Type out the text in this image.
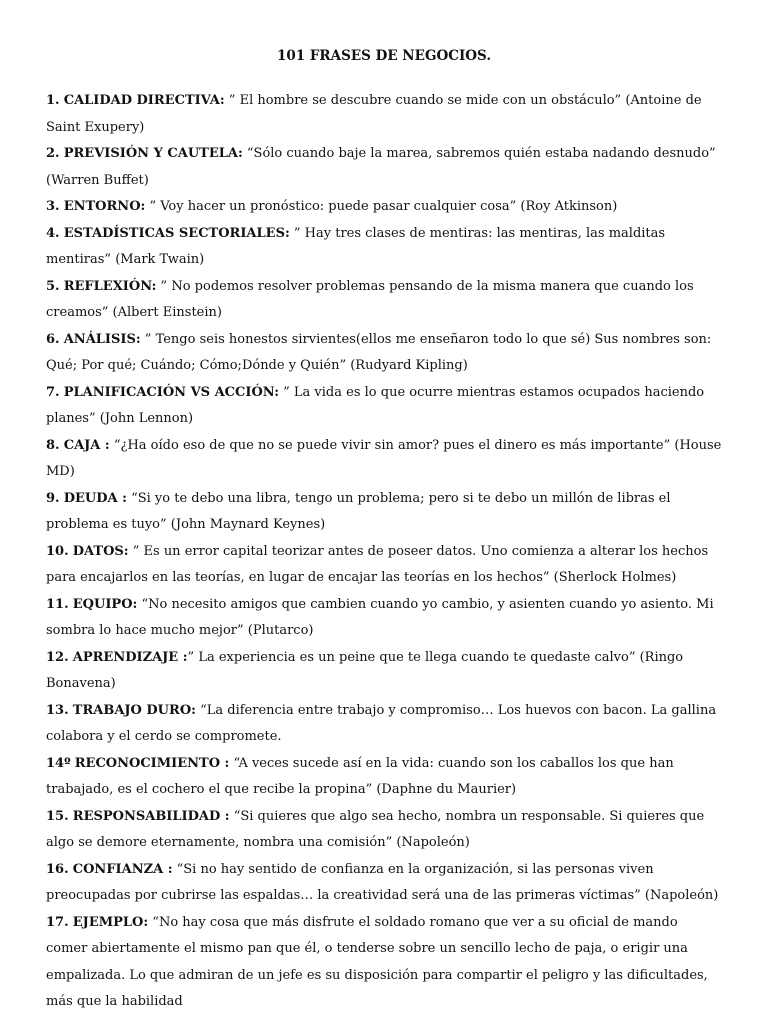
101 FRASES DE NEGOCIOS.
1. CALIDAD DIRECTIVA: ” El hombre se descubre cuando se mide con un obstáculo” (Antoine de Saint Exupery)
2. PREVISIÓN Y CAUTELA: “Sólo cuando baje la marea, sabremos quién estaba nadando desnudo” (Warren Buffet)
3. ENTORNO: ” Voy hacer un pronóstico: puede pasar cualquier cosa” (Roy Atkinson)
4. ESTADÍSTICAS SECTORIALES: ” Hay tres clases de mentiras: las mentiras, las malditas mentiras” (Mark Twain)
5. REFLEXIÓN: ” No podemos resolver problemas pensando de la misma manera que cuando los creamos” (Albert Einstein)
6. ANÁLISIS: ” Tengo seis honestos sirvientes(ellos me enseñaron todo lo que sé) Sus nombres son: Qué; Por qué; Cuándo; Cómo;Dónde y Quién” (Rudyard Kipling)
7. PLANIFICACIÓN VS ACCIÓN: ” La vida es lo que ocurre mientras estamos ocupados haciendo planes” (John Lennon)
8. CAJA : “¿Ha oído eso de que no se puede vivir sin amor? pues el dinero es más importante” (House MD)
9. DEUDA : “Si yo te debo una libra, tengo un problema; pero si te debo un millón de libras el problema es tuyo” (John Maynard Keynes)
10. DATOS: ” Es un error capital teorizar antes de poseer datos. Uno comienza a alterar los hechos para encajarlos en las teorías, en lugar de encajar las teorías en los hechos” (Sherlock Holmes)
11. EQUIPO: “No necesito amigos que cambien cuando yo cambio, y asienten cuando yo asiento. Mi sombra lo hace mucho mejor” (Plutarco)
12. APRENDIZAJE :” La experiencia es un peine que te llega cuando te quedaste calvo” (Ringo Bonavena)
13. TRABAJO DURO: “La diferencia entre trabajo y compromiso… Los huevos con bacon. La gallina colabora y el cerdo se compromete.
14º RECONOCIMIENTO : “A veces sucede así en la vida: cuando son los caballos los que han trabajado, es el cochero el que recibe la propina” (Daphne du Maurier)
15. RESPONSABILIDAD : “Si quieres que algo sea hecho, nombra un responsable. Si quieres que algo se demore eternamente, nombra una comisión” (Napoleón)
16. CONFIANZA : “Si no hay sentido de confianza en la organización, si las personas viven preocupadas por cubrirse las espaldas… la creatividad será una de las primeras víctimas” (Napoleón)
17. EJEMPLO: “No hay cosa que más disfrute el soldado romano que ver a su oficial de mando comer abiertamente el mismo pan que él, o tenderse sobre un sencillo lecho de paja, o erigir una empalizada. Lo que admiran de un jefe es su disposición para compartir el peligro y las dificultades, más que la habilidad
